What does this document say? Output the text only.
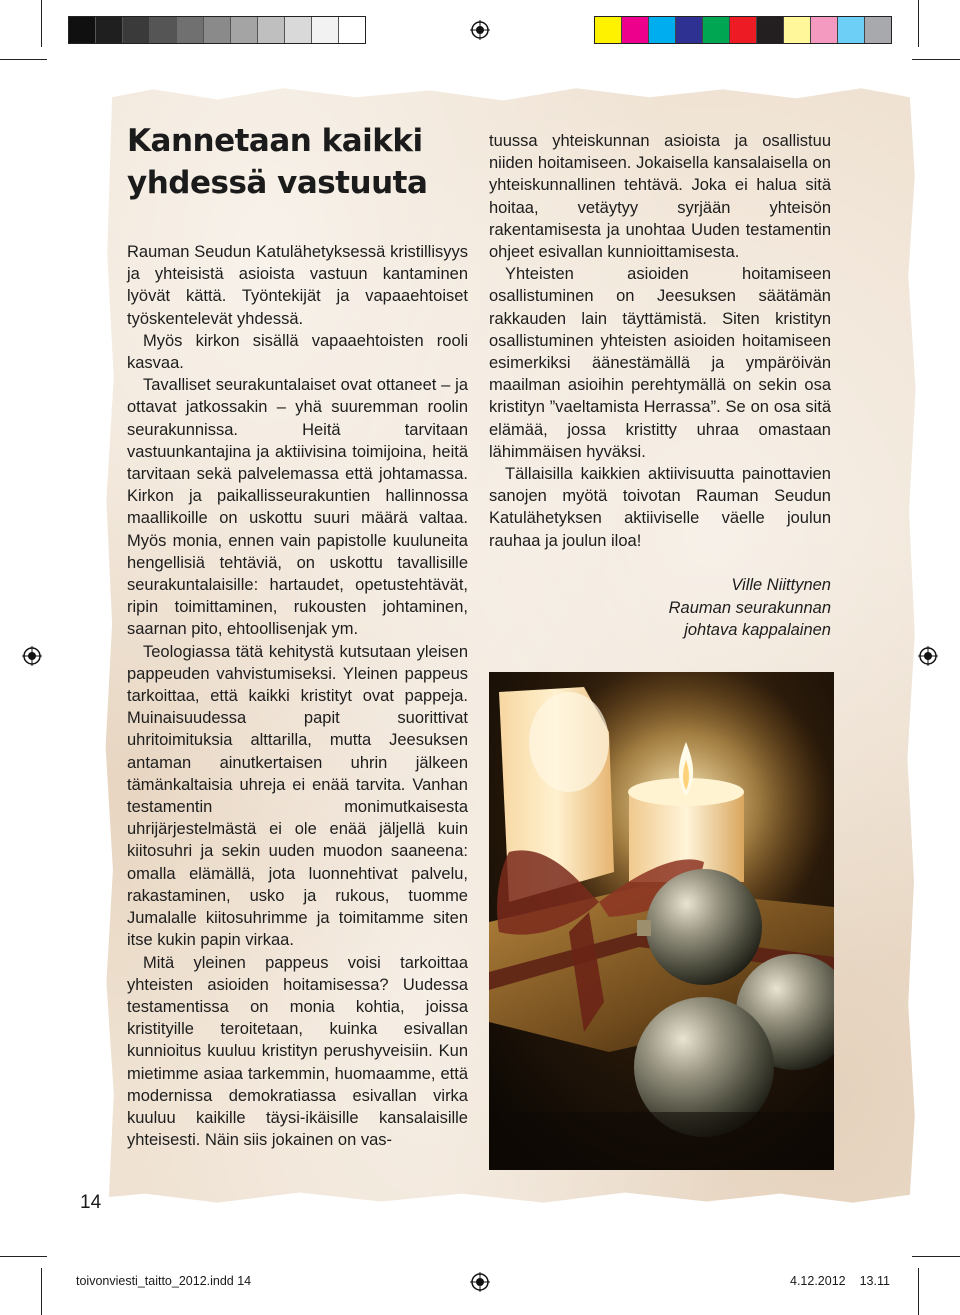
Kannetaan kaikki
yhdessä vastuuta

Rauman Seudun Katulähetyksessä kristillisyys ja yhteisistä asioista vastuun kantaminen lyövät kättä. Työntekijät ja vapaaehtoiset työskentelevät yhdessä.

Myös kirkon sisällä vapaaehtoisten rooli kasvaa.

Tavalliset seurakuntalaiset ovat ottaneet – ja ottavat jatkossakin – yhä suuremman roolin seurakunnissa. Heitä tarvitaan vastuunkantajina ja aktiivisina toimijoina, heitä tarvitaan sekä palvelemassa että johtamassa. Kirkon ja paikallisseurakuntien hallinnossa maallikoille on uskottu suuri määrä valtaa. Myös monia, ennen vain papistolle kuuluneita hengellisiä tehtäviä, on uskottu tavallisille seurakuntalaisille: hartaudet, opetustehtävät, ripin toimittaminen, rukousten johtaminen, saarnan pito, ehtoollisenjak ym.

Teologiassa tätä kehitystä kutsutaan yleisen pappeuden vahvistumiseksi. Yleinen pappeus tarkoittaa, että kaikki kristityt ovat pappeja. Muinaisuudessa papit suorittivat uhritoimituksia alttarilla, mutta Jeesuksen antaman ainutkertaisen uhrin jälkeen tämänkaltaisia uhreja ei enää tarvita. Vanhan testamentin monimutkaisesta uhrijärjestelmästä ei ole enää jäljellä kuin kiitosuhri ja sekin uuden muodon saaneena: omalla elämällä, jota luonnehtivat palvelu, rakastaminen, usko ja rukous, tuomme Jumalalle kiitosuhrimme ja toimitamme siten itse kukin papin virkaa.

Mitä yleinen pappeus voisi tarkoittaa yhteisten asioiden hoitamisessa? Uudessa testamentissa on monia kohtia, joissa kristityille teroitetaan, kuinka esivallan kunnioitus kuuluu kristityn perushyveisiin. Kun mietimme asiaa tarkemmin, huomaamme, että modernissa demokratiassa esivallan virka kuuluu kaikille täysi-ikäisille kansalaisille yhteisesti. Näin siis jokainen on vas-

tuussa yhteiskunnan asioista ja osallistuu niiden hoitamiseen. Jokaisella kansalaisella on yhteiskunnallinen tehtävä. Joka ei halua sitä hoitaa, vetäytyy syrjään yhteisön rakentamisesta ja unohtaa Uuden testamentin ohjeet esivallan kunnioittamisesta.

Yhteisten asioiden hoitamiseen osallistuminen on Jeesuksen säätämän rakkauden lain täyttämistä. Siten kristityn osallistuminen yhteisten asioiden hoitamiseen esimerkiksi äänestämällä ja ympäröivän maailman asioihin perehtymällä on sekin osa kristityn ”vaeltamista Herrassa”. Se on osa sitä elämää, jossa kristitty uhraa omastaan lähimmäisen hyväksi.

Tällaisilla kaikkien aktiivisuutta painottavien sanojen myötä toivotan Rauman Seudun Katulähetyksen aktiiviselle väelle joulun rauhaa ja joulun iloa!

Ville Niittynen
Rauman seurakunnan
johtava kappalainen
14
toivonviesti_taitto_2012.indd 14	4.12.2012 13.11
